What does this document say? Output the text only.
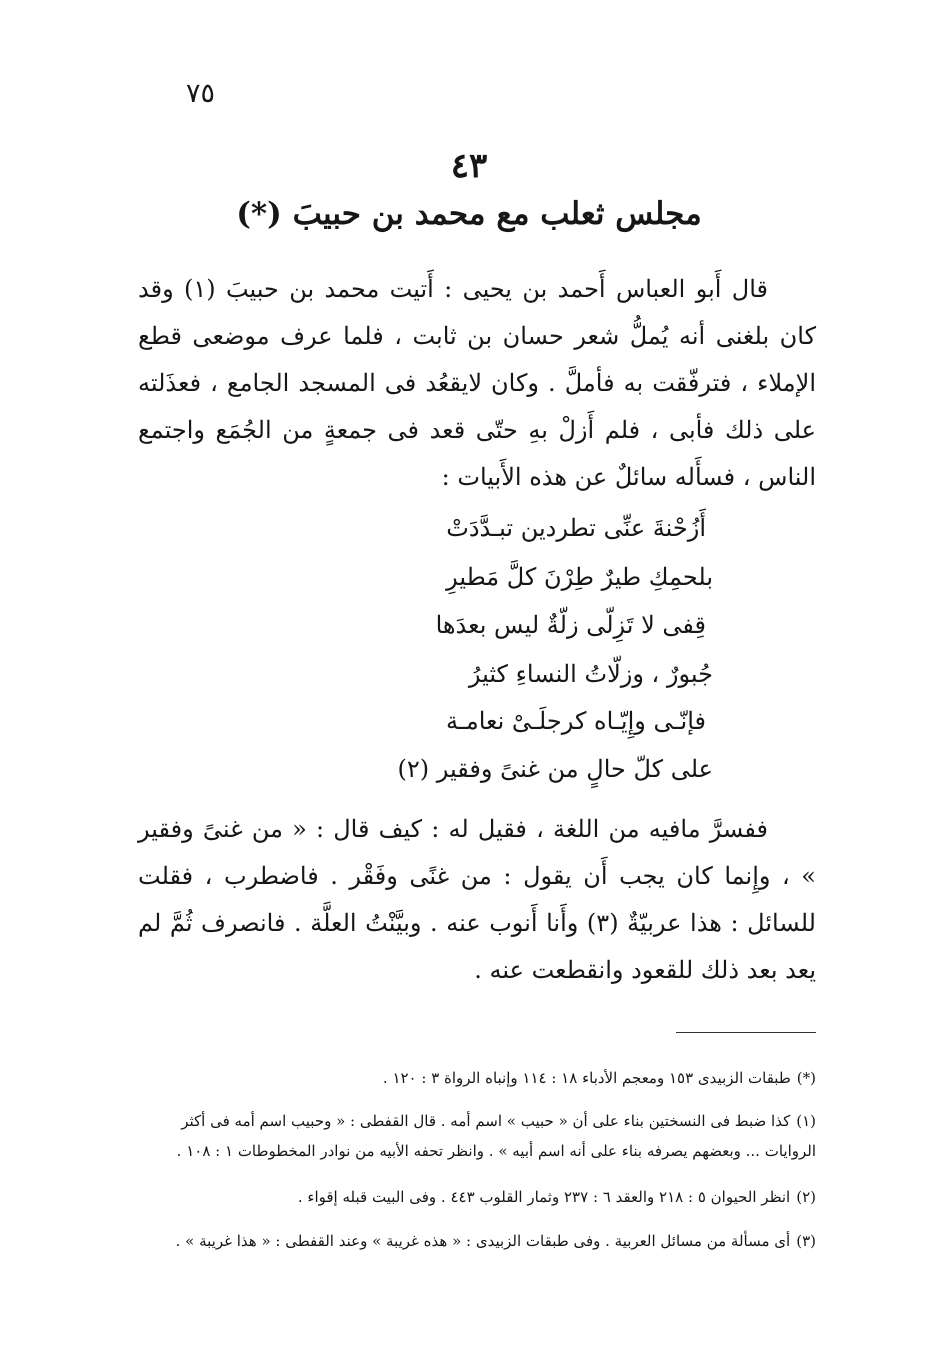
٧٥
٤٣
مجلس ثعلب مع محمد بن حبيبَ (*)
قال أَبو العباس أَحمد بن يحيى : أَتيت محمد بن حبيبَ (١) وقد كان بلغنى أنه يُملُّ شعر حسان بن ثابت ، فلما عرف موضعى قطع الإملاء ، فترفّقت به فأملَّ . وكان لايقعُد فى المسجد الجامع ، فعذَلته على ذلك فأبى ، فلم أَزلْ بهِ حتّى قعد فى جمعةٍ من الجُمَع واجتمع الناس ، فسأَله سائلٌ عن هذه الأَبيات :
أَزُحْنةَ عنِّى تطردين تبـدَّدَتْ
بلحمِكِ طيرٌ طِرْنَ كلَّ مَطيرِ
قِفى لا تَزِلّى زلّةٌ ليس بعدَها
جُبورٌ ، وزلّاتُ النساءِ كثيرُ
فإنّـى وإِيّـاه كرجلَـىْ نعامـة
على كلّ حالٍ من غنىً وفقير (٢)
ففسرَّ مافيه من اللغة ، فقيل له : كيف قال : « من غنىً وفقير » ، وإِنما كان يجب أَن يقول : من غنًى وفَقْر . فاضطرب ، فقلت للسائل : هذا عربيّةٌ (٣) وأَنا أَنوب عنه . وبيَّنْتُ العلَّة . فانصرف ثُمَّ لم يعد بعد ذلك للقعود وانقطعت عنه .
(*)طبقات الزبيدى ١٥٣ ومعجم الأدباء ١٨ : ١١٤ وإنباه الرواة ٣ : ١٢٠ .
(١)كذا ضبط فى النسختين بناء على أن « حبيب » اسم أمه . قال القفطى : « وحبيب اسم أمه فى أكثر الروايات ... وبعضهم يصرفه بناء على أنه اسم أبيه » . وانظر تحفه الأبيه من نوادر المخطوطات ١ : ١٠٨ .
(٢)انظر الحيوان ٥ : ٢١٨ والعقد ٦ : ٢٣٧ وثمار القلوب ٤٤٣ . وفى البيت قبله إقواء .
(٣)أى مسألة من مسائل العربية . وفى طبقات الزبيدى : « هذه غريبة » وعند القفطى : « هذا غريبة » .
